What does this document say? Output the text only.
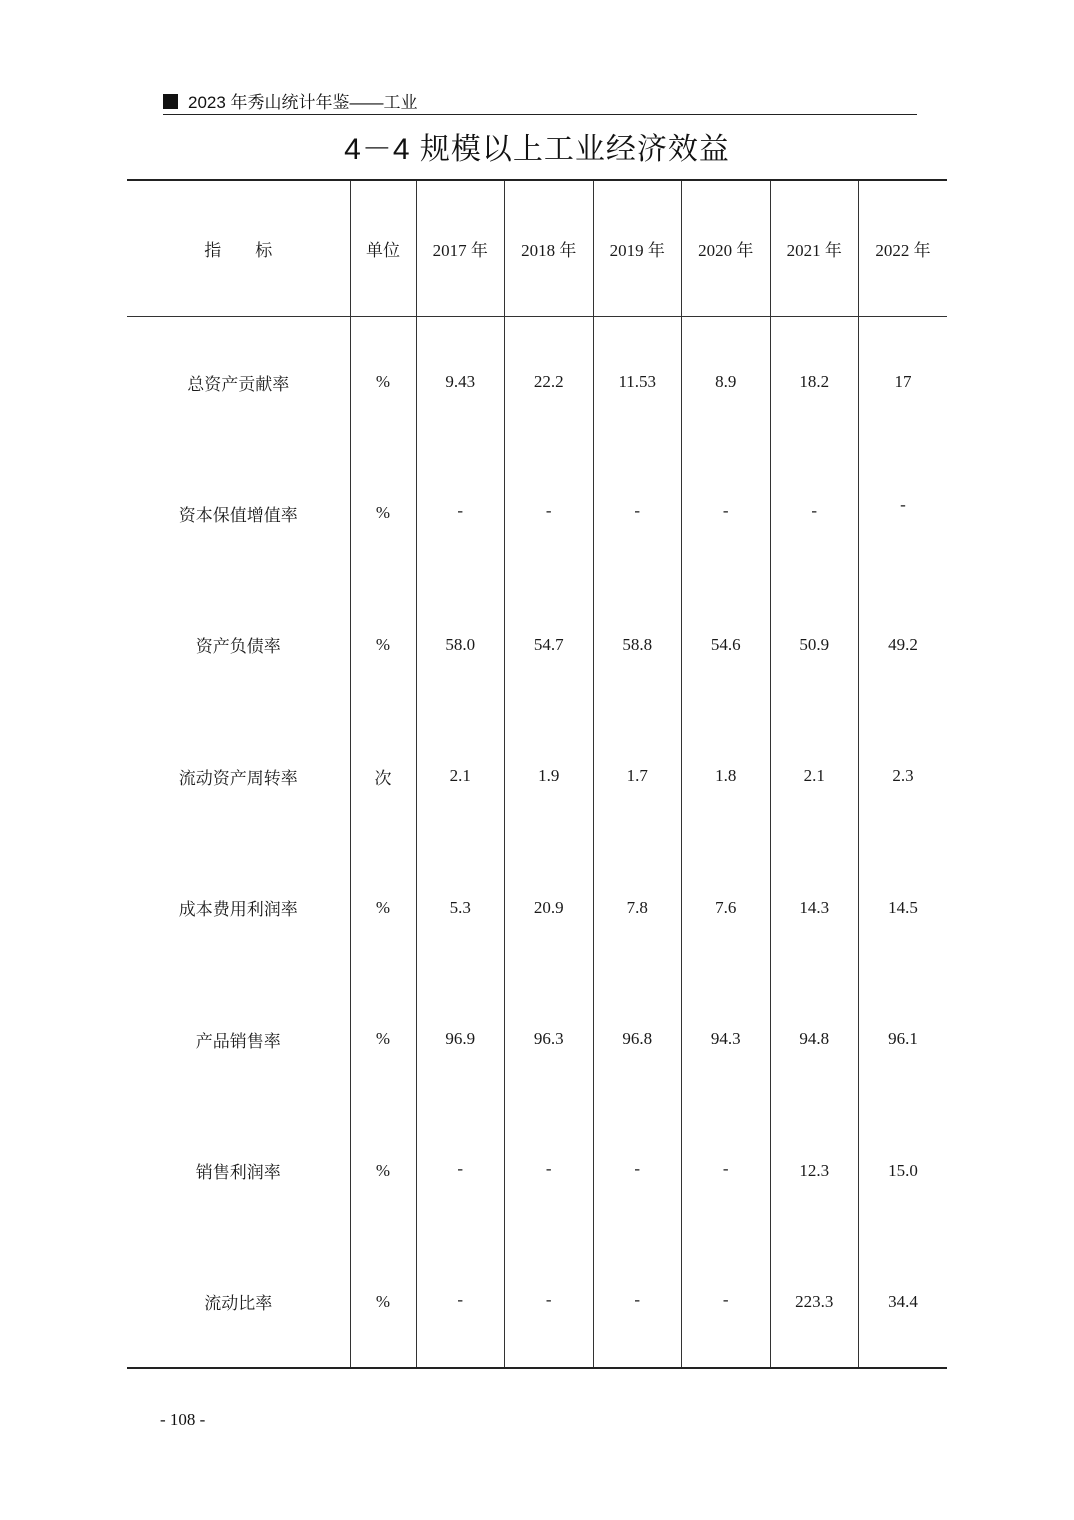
2023 年秀山统计年鉴——工业
4－4 规模以上工业经济效益
指 标	单位	2017 年	2018 年	2019 年	2020 年	2021 年	2022 年
总资产贡献率	%	9.43	22.2	11.53	8.9	18.2	17
资本保值增值率	%	-	-	-	-	-	-
资产负债率	%	58.0	54.7	58.8	54.6	50.9	49.2
流动资产周转率	次	2.1	1.9	1.7	1.8	2.1	2.3
成本费用利润率	%	5.3	20.9	7.8	7.6	14.3	14.5
产品销售率	%	96.9	96.3	96.8	94.3	94.8	96.1
销售利润率	%	-	-	-	-	12.3	15.0
流动比率	%	-	-	-	-	223.3	34.4
- 108 -
